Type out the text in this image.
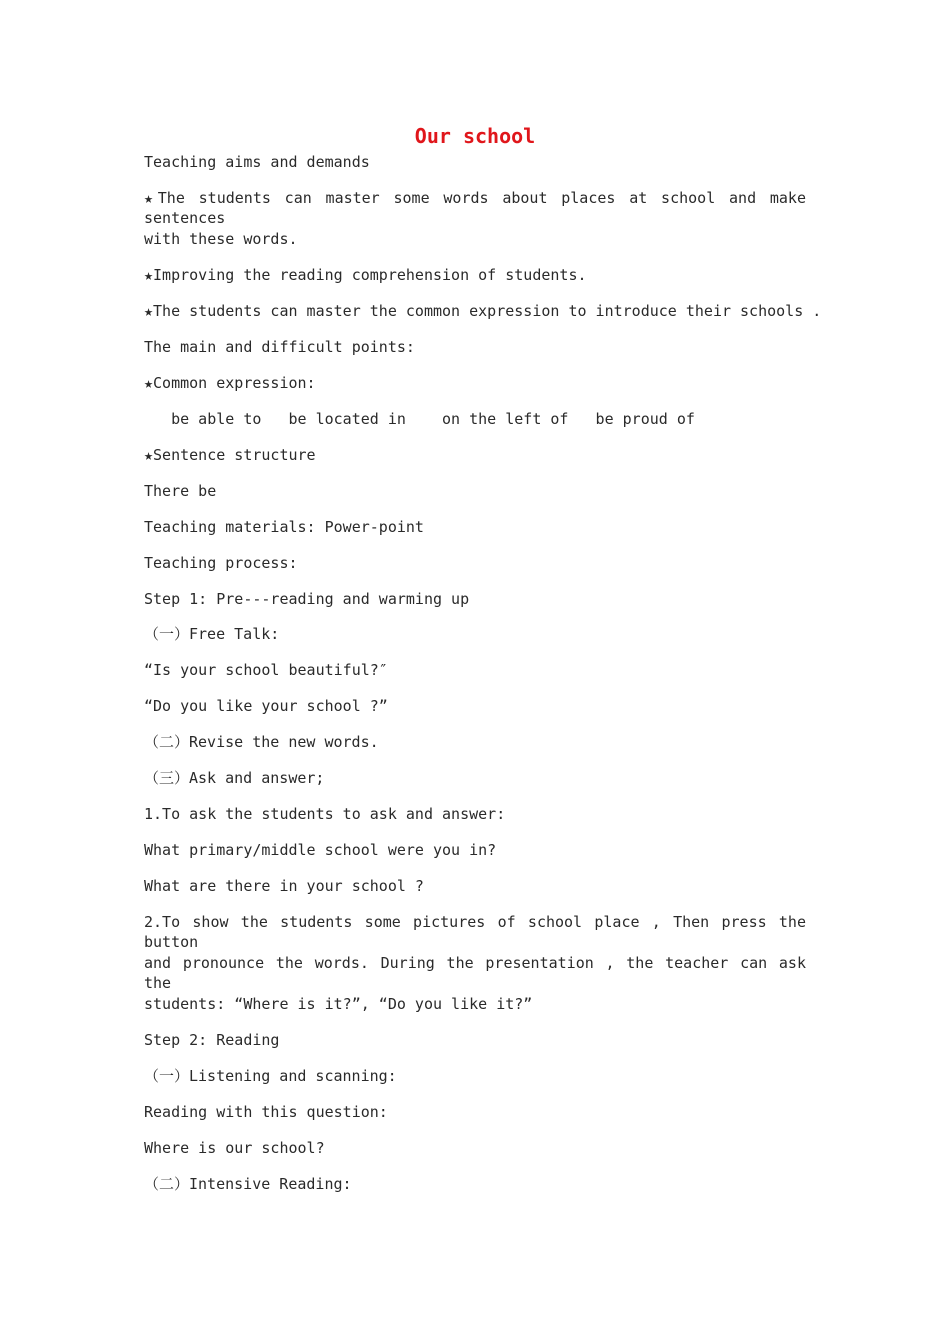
Our school
Teaching aims and demands
★The students can master some words about places at school and make sentences
with these words.
★Improving the reading comprehension of students.
★The students can master the common expression to introduce their schools .
The main and difficult points:
★Common expression:
be able to   be located in    on the left of   be proud of
★Sentence structure
There be
Teaching materials: Power-point
Teaching process:
Step 1: Pre---reading and warming up
（一）Free Talk:
“Is your school beautiful?″
“Do you like your school ?”
（二）Revise the new words.
（三）Ask and answer;
1.To ask the students to ask and answer:
What primary/middle school were you in?
What are there in your school ?
2.To show the students some pictures of school place , Then press the button
and pronounce the words. During the presentation , the teacher can ask the
students: “Where is it?”, “Do you like it?”
Step 2: Reading
（一）Listening and scanning:
Reading with this question:
Where is our school?
（二）Intensive Reading:
